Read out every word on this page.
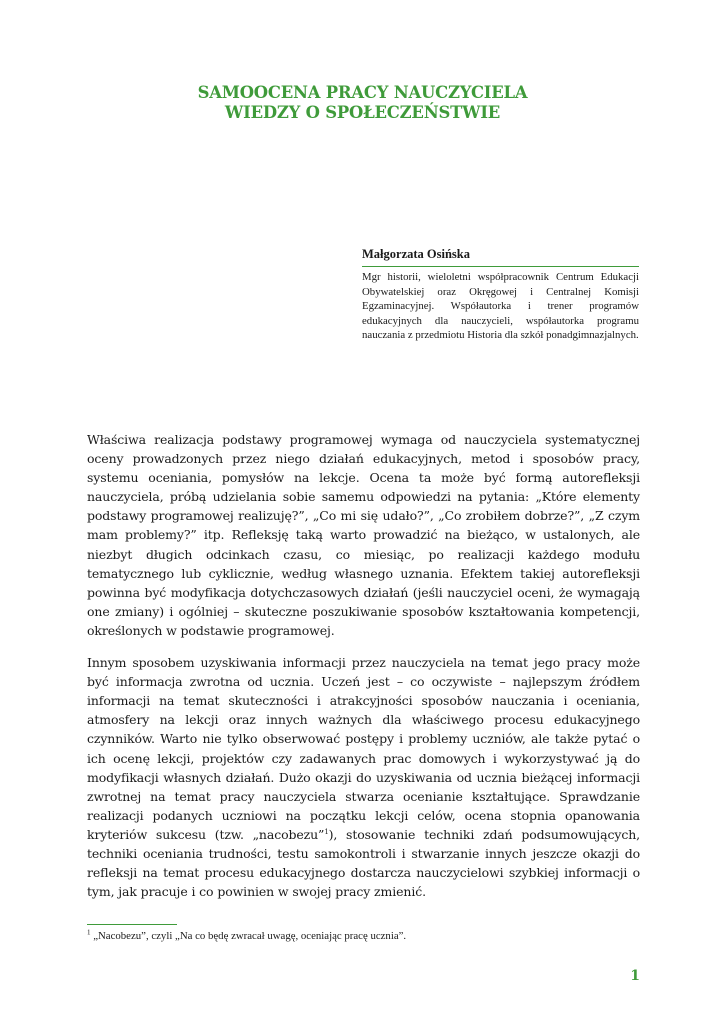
SAMOOCENA PRACY NAUCZYCIELA
WIEDZY O SPOŁECZEŃSTWIE
Małgorzata Osińska

Mgr historii, wieloletni współpracownik Centrum Edukacji Obywatelskiej oraz Okręgowej i Centralnej Komisji Egzaminacyjnej. Współautorka i trener programów edukacyjnych dla nauczycieli, współautorka programu nauczania z przedmiotu Historia dla szkół ponadgimnazjalnych.

Właściwa realizacja podstawy programowej wymaga od nauczyciela systematycznej oceny prowadzonych przez niego działań edukacyjnych, metod i sposobów pracy, systemu oceniania, pomysłów na lekcje. Ocena ta może być formą autorefleksji nauczyciela, próbą udzielania sobie samemu odpowiedzi na pytania: „Które elementy podstawy programowej realizuję?”, „Co mi się udało?”, „Co zrobiłem dobrze?”, „Z czym mam problemy?” itp. Refleksję taką warto prowadzić na bieżąco, w ustalonych, ale niezbyt długich odcinkach czasu, co miesiąc, po realizacji każdego modułu tematycznego lub cyklicznie, według własnego uznania. Efektem takiej autorefleksji powinna być modyfikacja dotychczasowych działań (jeśli nauczyciel oceni, że wymagają one zmiany) i ogólniej – skuteczne poszukiwanie sposobów kształtowania kompetencji, określonych w podstawie programowej.

Innym sposobem uzyskiwania informacji przez nauczyciela na temat jego pracy może być informacja zwrotna od ucznia. Uczeń jest – co oczywiste – najlepszym źródłem informacji na temat skuteczności i atrakcyjności sposobów nauczania i oceniania, atmosfery na lekcji oraz innych ważnych dla właściwego procesu edukacyjnego czynników. Warto nie tylko obserwować postępy i problemy uczniów, ale także pytać o ich ocenę lekcji, projektów czy zadawanych prac domowych i wykorzystywać ją do modyfikacji własnych działań. Dużo okazji do uzyskiwania od ucznia bieżącej informacji zwrotnej na temat pracy nauczyciela stwarza ocenianie kształtujące. Sprawdzanie realizacji podanych uczniowi na początku lekcji celów, ocena stopnia opanowania kryteriów sukcesu (tzw. „nacobezu”$^1$), stosowanie techniki zdań podsumowujących, techniki oceniania trudności, testu samokontroli i stwarzanie innych jeszcze okazji do refleksji na temat procesu edukacyjnego dostarcza nauczycielowi szybkiej informacji o tym, jak pracuje i co powinien w swojej pracy zmienić.

$^1$ „Nacobezu”, czyli „Na co będę zwracał uwagę, oceniając pracę ucznia”.
1
